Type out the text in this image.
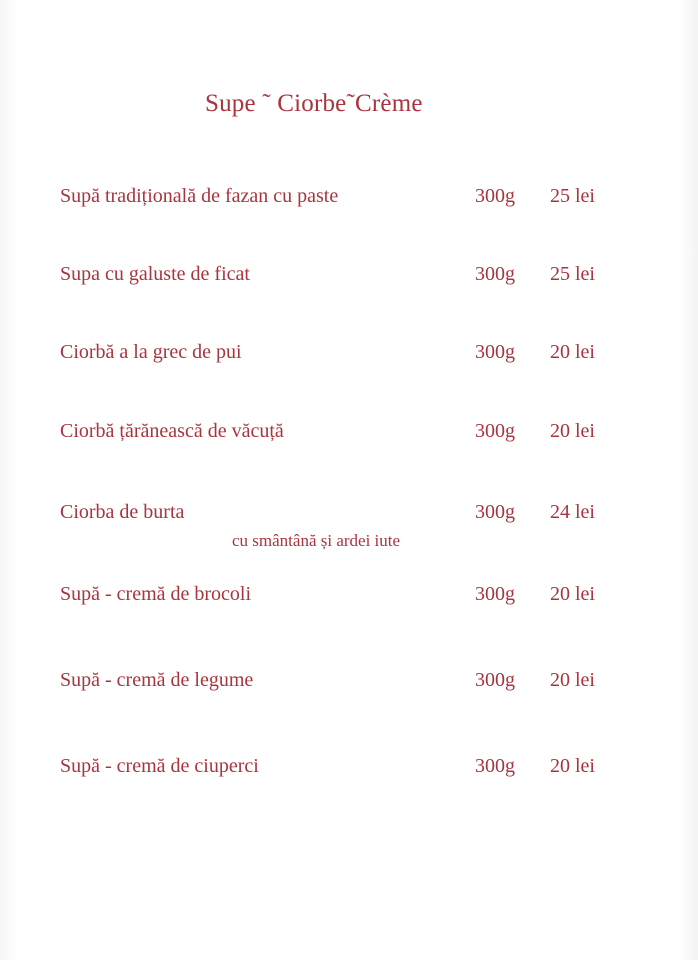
Supe ˜ Ciorbe˜Crème
Supă tradițională de fazan cu paste	300g 25 lei
Supa cu galuste de ficat	300g 25 lei
Ciorbă a la grec de pui	300g 20 lei
Ciorbă țărănească de văcuță	300g 20 lei
Ciorba de burta	300g 24 lei
cu smântână și ardei iute
Supă - cremă de brocoli	300g 20 lei
Supă - cremă de legume	300g 20 lei
Supă - cremă de ciuperci	300g 20 lei
